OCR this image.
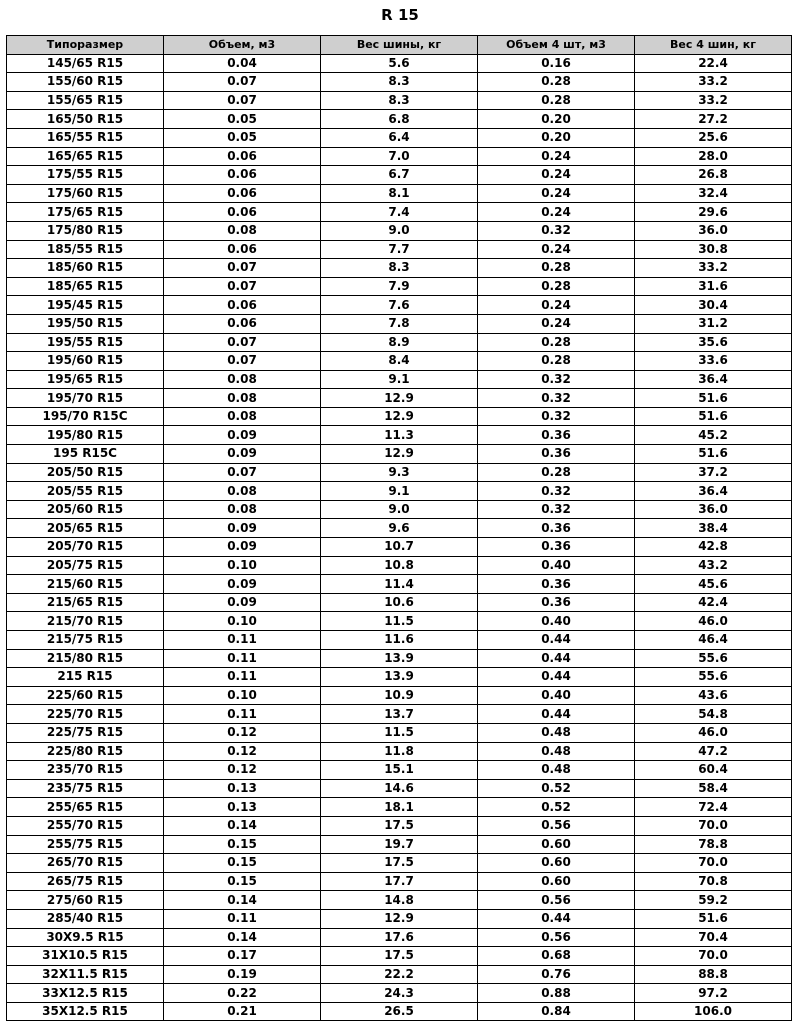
R 15
Типоразмер	Объем, м3	Вес шины, кг	Объем 4 шт, м3	Вес 4 шин, кг
145/65 R15	0.04	5.6	0.16	22.4
155/60 R15	0.07	8.3	0.28	33.2
155/65 R15	0.07	8.3	0.28	33.2
165/50 R15	0.05	6.8	0.20	27.2
165/55 R15	0.05	6.4	0.20	25.6
165/65 R15	0.06	7.0	0.24	28.0
175/55 R15	0.06	6.7	0.24	26.8
175/60 R15	0.06	8.1	0.24	32.4
175/65 R15	0.06	7.4	0.24	29.6
175/80 R15	0.08	9.0	0.32	36.0
185/55 R15	0.06	7.7	0.24	30.8
185/60 R15	0.07	8.3	0.28	33.2
185/65 R15	0.07	7.9	0.28	31.6
195/45 R15	0.06	7.6	0.24	30.4
195/50 R15	0.06	7.8	0.24	31.2
195/55 R15	0.07	8.9	0.28	35.6
195/60 R15	0.07	8.4	0.28	33.6
195/65 R15	0.08	9.1	0.32	36.4
195/70 R15	0.08	12.9	0.32	51.6
195/70 R15C	0.08	12.9	0.32	51.6
195/80 R15	0.09	11.3	0.36	45.2
195 R15C	0.09	12.9	0.36	51.6
205/50 R15	0.07	9.3	0.28	37.2
205/55 R15	0.08	9.1	0.32	36.4
205/60 R15	0.08	9.0	0.32	36.0
205/65 R15	0.09	9.6	0.36	38.4
205/70 R15	0.09	10.7	0.36	42.8
205/75 R15	0.10	10.8	0.40	43.2
215/60 R15	0.09	11.4	0.36	45.6
215/65 R15	0.09	10.6	0.36	42.4
215/70 R15	0.10	11.5	0.40	46.0
215/75 R15	0.11	11.6	0.44	46.4
215/80 R15	0.11	13.9	0.44	55.6
215 R15	0.11	13.9	0.44	55.6
225/60 R15	0.10	10.9	0.40	43.6
225/70 R15	0.11	13.7	0.44	54.8
225/75 R15	0.12	11.5	0.48	46.0
225/80 R15	0.12	11.8	0.48	47.2
235/70 R15	0.12	15.1	0.48	60.4
235/75 R15	0.13	14.6	0.52	58.4
255/65 R15	0.13	18.1	0.52	72.4
255/70 R15	0.14	17.5	0.56	70.0
255/75 R15	0.15	19.7	0.60	78.8
265/70 R15	0.15	17.5	0.60	70.0
265/75 R15	0.15	17.7	0.60	70.8
275/60 R15	0.14	14.8	0.56	59.2
285/40 R15	0.11	12.9	0.44	51.6
30X9.5 R15	0.14	17.6	0.56	70.4
31X10.5 R15	0.17	17.5	0.68	70.0
32X11.5 R15	0.19	22.2	0.76	88.8
33X12.5 R15	0.22	24.3	0.88	97.2
35X12.5 R15	0.21	26.5	0.84	106.0
